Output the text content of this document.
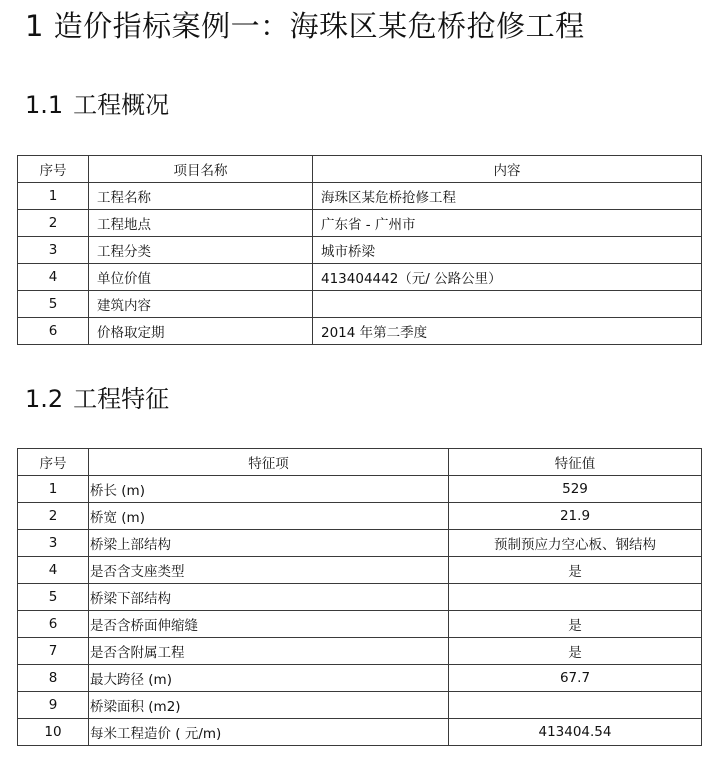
1 造价指标案例一：海珠区某危桥抢修工程
1.1 工程概况
序号	项目名称	内容
1	工程名称	海珠区某危桥抢修工程
2	工程地点	广东省 - 广州市
3	工程分类	城市桥梁
4	单位价值	413404442（元/ 公路公里）
5	建筑内容	
6	价格取定期	2014 年第二季度
1.2 工程特征
序号	特征项	特征值
1	桥长 (m)	529
2	桥宽 (m)	21.9
3	桥梁上部结构	预制预应力空心板、钢结构
4	是否含支座类型	是
5	桥梁下部结构	
6	是否含桥面伸缩缝	是
7	是否含附属工程	是
8	最大跨径 (m)	67.7
9	桥梁面积 (m2)	
10	每米工程造价 ( 元/m)	413404.54
